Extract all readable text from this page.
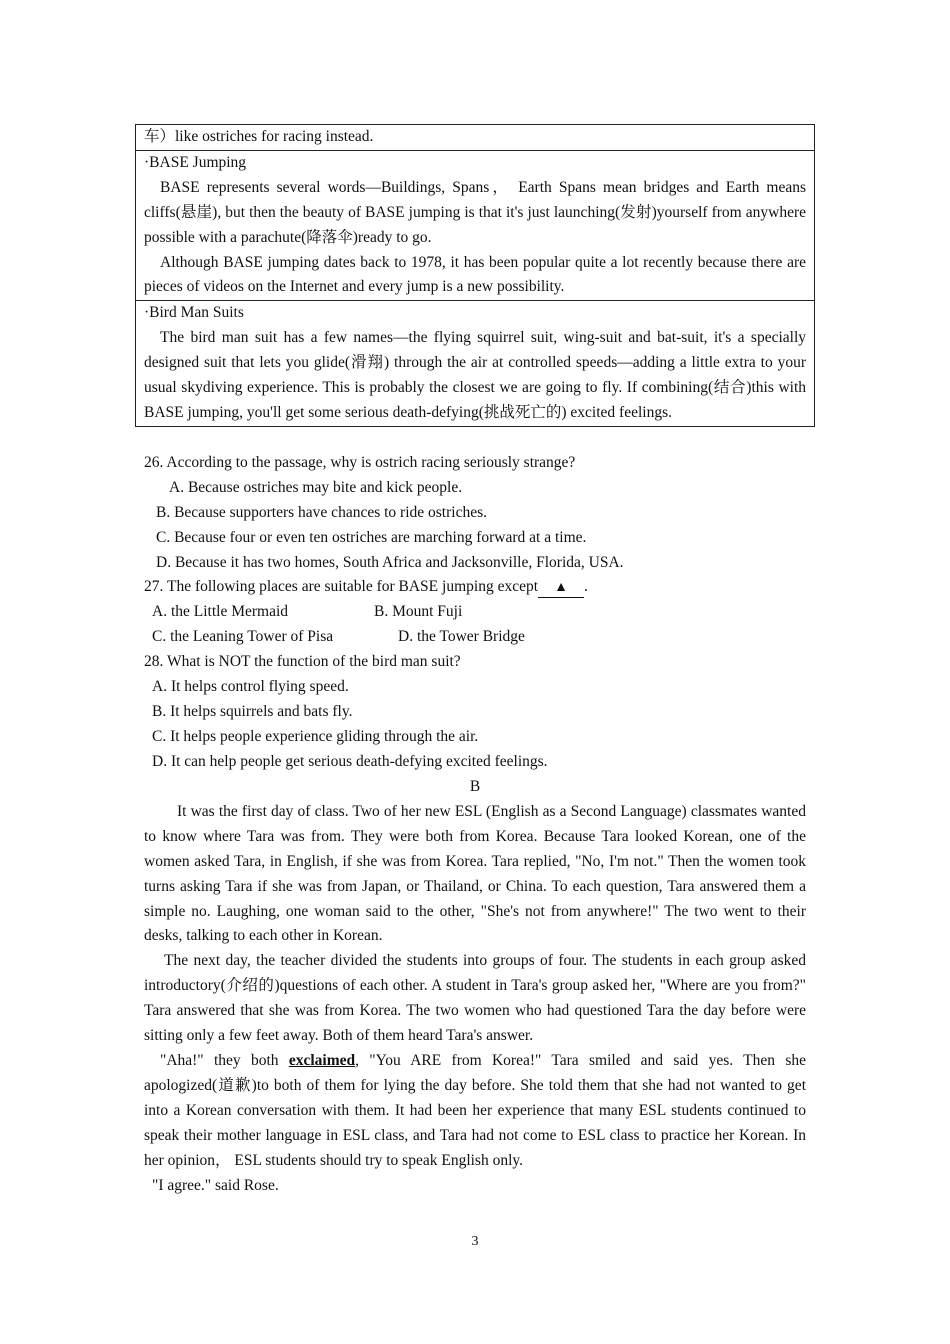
车）like ostriches for racing instead.

·BASE Jumping

BASE represents several words—Buildings, Spans， Earth Spans mean bridges and Earth means cliffs(悬崖), but then the beauty of BASE jumping is that it's just launching(发射)yourself from anywhere possible with a parachute(降落伞)ready to go.

Although BASE jumping dates back to 1978, it has been popular quite a lot recently because there are pieces of videos on the Internet and every jump is a new possibility.

·Bird Man Suits

The bird man suit has a few names—the flying squirrel suit, wing-suit and bat-suit, it's a specially designed suit that lets you glide(滑翔) through the air at controlled speeds—adding a little extra to your usual skydiving experience. This is probably the closest we are going to fly. If combining(结合)this with BASE jumping, you'll get some serious death-defying(挑战死亡的) excited feelings.

26. According to the passage, why is ostrich racing seriously strange?

A. Because ostriches may bite and kick people.

B. Because supporters have chances to ride ostriches.

C. Because four or even ten ostriches are marching forward at a time.

D. Because it has two homes, South Africa and Jacksonville, Florida, USA.

27. The following places are suitable for BASE jumping except ▲ .

A. the Little Mermaid	B. Mount Fuji

C. the Leaning Tower of Pisa	D. the Tower Bridge

28. What is NOT the function of the bird man suit?

A. It helps control flying speed.

B. It helps squirrels and bats fly.

C. It helps people experience gliding through the air.

D. It can help people get serious death-defying excited feelings.

B

It was the first day of class. Two of her new ESL (English as a Second Language) classmates wanted to know where Tara was from. They were both from Korea. Because Tara looked Korean, one of the women asked Tara, in English, if she was from Korea. Tara replied, "No, I'm not." Then the women took turns asking Tara if she was from Japan, or Thailand, or China. To each question, Tara answered them a simple no. Laughing, one woman said to the other, "She's not from anywhere!" The two went to their desks, talking to each other in Korean.

The next day, the teacher divided the students into groups of four. The students in each group asked introductory(介绍的)questions of each other. A student in Tara's group asked her, "Where are you from?" Tara answered that she was from Korea. The two women who had questioned Tara the day before were sitting only a few feet away. Both of them heard Tara's answer.

"Aha!" they both exclaimed, "You ARE from Korea!" Tara smiled and said yes. Then she apologized(道歉)to both of them for lying the day before. She told them that she had not wanted to get into a Korean conversation with them. It had been her experience that many ESL students continued to speak their mother language in ESL class, and Tara had not come to ESL class to practice her Korean. In her opinion， ESL students should try to speak English only.

"I agree." said Rose.

3
